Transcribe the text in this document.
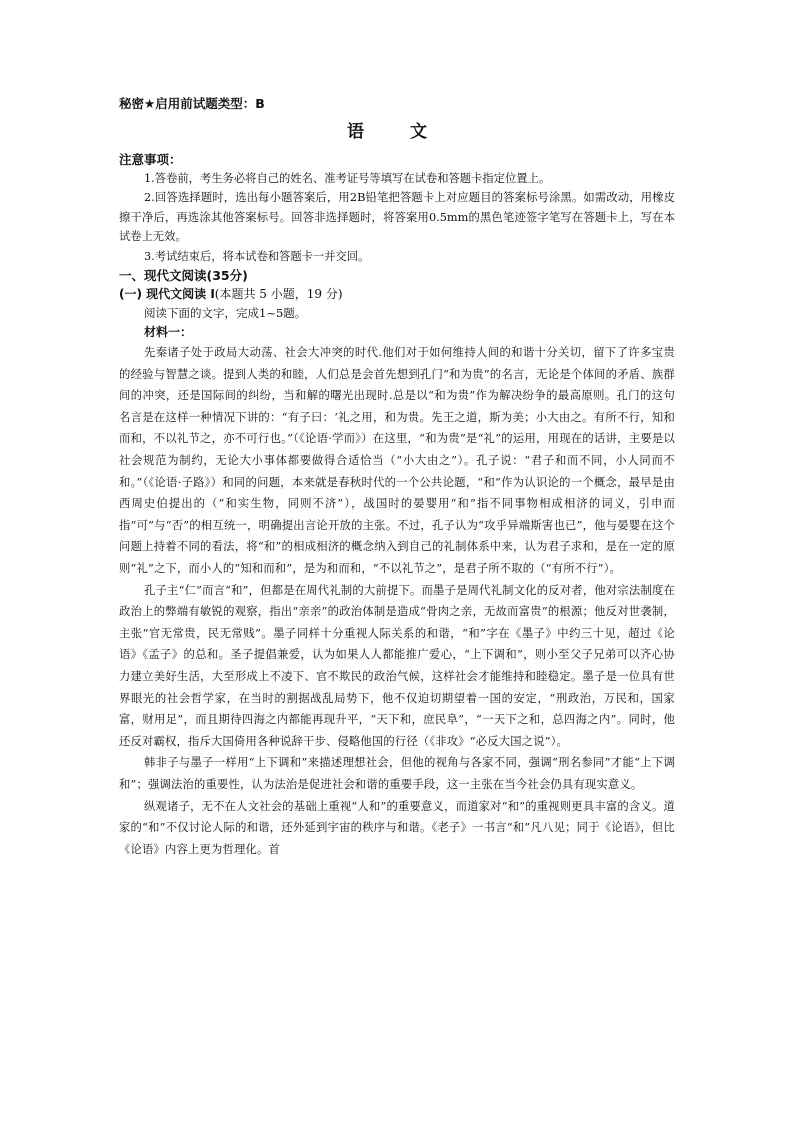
秘密★启用前试题类型：B

语 文

注意事项：

1.答卷前，考生务必将自己的姓名、准考证号等填写在试卷和答题卡指定位置上。

2.回答选择题时，选出每小题答案后，用2B铅笔把答题卡上对应题目的答案标号涂黑。如需改动，用橡皮擦干净后，再选涂其他答案标号。回答非选择题时，将答案用0.5mm的黑色笔迹签字笔写在答题卡上，写在本试卷上无效。

3.考试结束后，将本试卷和答题卡一并交回。

一、现代文阅读(35分)

(一) 现代文阅读 I(本题共 5 小题，19 分)

阅读下面的文字，完成1~5题。

材料一：

先秦诸子处于政局大动荡、社会大冲突的时代.他们对于如何维持人间的和谐十分关切，留下了许多宝贵的经验与智慧之谈。提到人类的和睦，人们总是会首先想到孔门“和为贵”的名言，无论是个体间的矛盾、族群间的冲突，还是国际间的纠纷，当和解的曙光出现时.总是以“和为贵”作为解决纷争的最高原则。孔门的这句名言是在这样一种情况下讲的：“有子曰：‘礼之用，和为贵。先王之道，斯为美；小大由之。有所不行，知和而和，不以礼节之，亦不可行也。”（《论语·学而》）在这里，“和为贵”是“礼”的运用，用现在的话讲，主要是以社会规范为制约，无论大小事体都要做得合适恰当（“小大由之”）。孔子说：“君子和而不同，小人同而不和。”（《论语·子路》）和同的问题，本来就是春秋时代的一个公共论题，“和“作为认识论的一个概念，最早是由西周史伯提出的（“和实生物，同则不济”），战国时的晏婴用“和”指不同事物相成相济的词义，引申而指“可”与“否”的相互统一，明确提出言论开放的主张。不过，孔子认为“攻乎异端斯害也已”，他与晏婴在这个问题上持着不同的看法，将“和”的相成相济的概念纳入到自己的礼制体系中来，认为君子求和，是在一定的原则“礼”之下，而小人的“知和而和”，是为和而和，“不以礼节之”，是君子所不取的（“有所不行”）。

孔子主“仁”而言“和”，但都是在周代礼制的大前提下。而墨子是周代礼制文化的反对者，他对宗法制度在政治上的弊端有敏锐的观察，指出“亲亲”的政治体制是造成“骨肉之亲，无故而富贵”的根源；他反对世袭制，主张“官无常贵，民无常贱”。墨子同样十分重视人际关系的和谐，“和”字在《墨子》中约三十见，超过《论语》《孟子》的总和。圣子提倡兼爱，认为如果人人都能推广爱心，“上下调和”，则小至父子兄弟可以齐心协力建立美好生活，大至形成上不凌下、官不欺民的政治气候，这样社会才能维持和睦稳定。墨子是一位具有世界眼光的社会哲学家，在当时的割据战乱局势下，他不仅迫切期望着一国的安定，“刑政治，万民和，国家富，财用足”，而且期待四海之内都能再现升平，“天下和，庶民阜”，“一天下之和，总四海之内”。同时，他还反对霸权，指斥大国倚用各种说辞干步、侵略他国的行径（《非攻》“必反大国之说”）。

韩非子与墨子一样用“上下调和”来描述理想社会，但他的视角与各家不同，强调“刑名参同”才能“上下调和”；强调法治的重要性，认为法治是促进社会和谐的重要手段，这一主张在当今社会仍具有现实意义。

纵观诸子，无不在人文社会的基础上重视“人和”的重要意义，而道家对“和”的重视则更具丰富的含义。道家的“和”不仅讨论人际的和谐，还外延到宇宙的秩序与和谐。《老子》一书言“和”凡八见；同于《论语》，但比《论语》内容上更为哲理化。首
